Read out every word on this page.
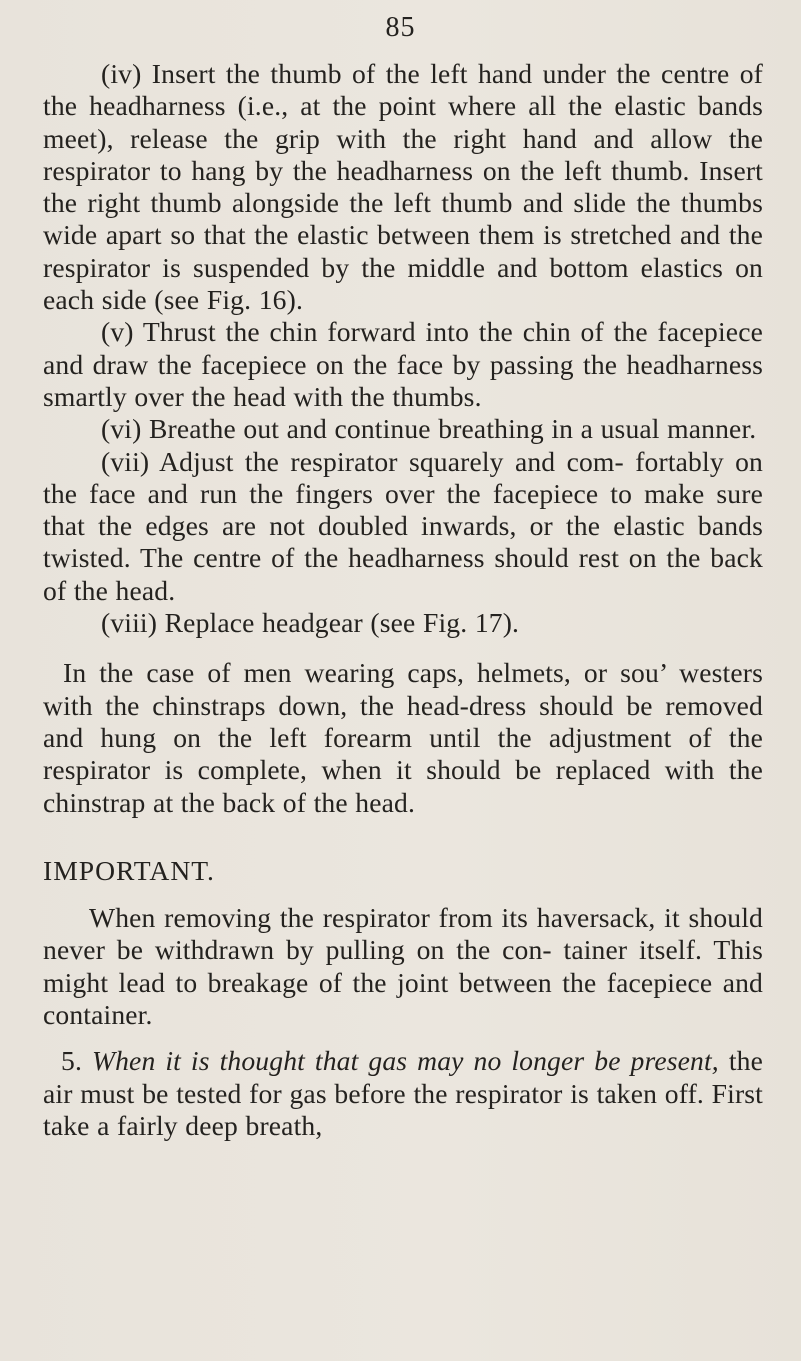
85

(iv) Insert the thumb of the left hand under the centre of the headharness (i.e., at the point where all the elastic bands meet), release the grip with the right hand and allow the respirator to hang by the headharness on the left thumb. Insert the right thumb alongside the left thumb and slide the thumbs wide apart so that the elastic between them is stretched and the respirator is suspended by the middle and bottom elastics on each side (see Fig. 16).

(v) Thrust the chin forward into the chin of the facepiece and draw the facepiece on the face by passing the headharness smartly over the head with the thumbs.

(vi) Breathe out and continue breathing in a usual manner.

(vii) Adjust the respirator squarely and com- fortably on the face and run the fingers over the facepiece to make sure that the edges are not doubled inwards, or the elastic bands twisted. The centre of the headharness should rest on the back of the head.

(viii) Replace headgear (see Fig. 17).

In the case of men wearing caps, helmets, or sou’ westers with the chinstraps down, the head-dress should be removed and hung on the left forearm until the adjustment of the respirator is complete, when it should be replaced with the chinstrap at the back of the head.

IMPORTANT.

When removing the respirator from its haversack, it should never be withdrawn by pulling on the con- tainer itself. This might lead to breakage of the joint between the facepiece and container.

5. When it is thought that gas may no longer be present, the air must be tested for gas before the respirator is taken off. First take a fairly deep breath,
